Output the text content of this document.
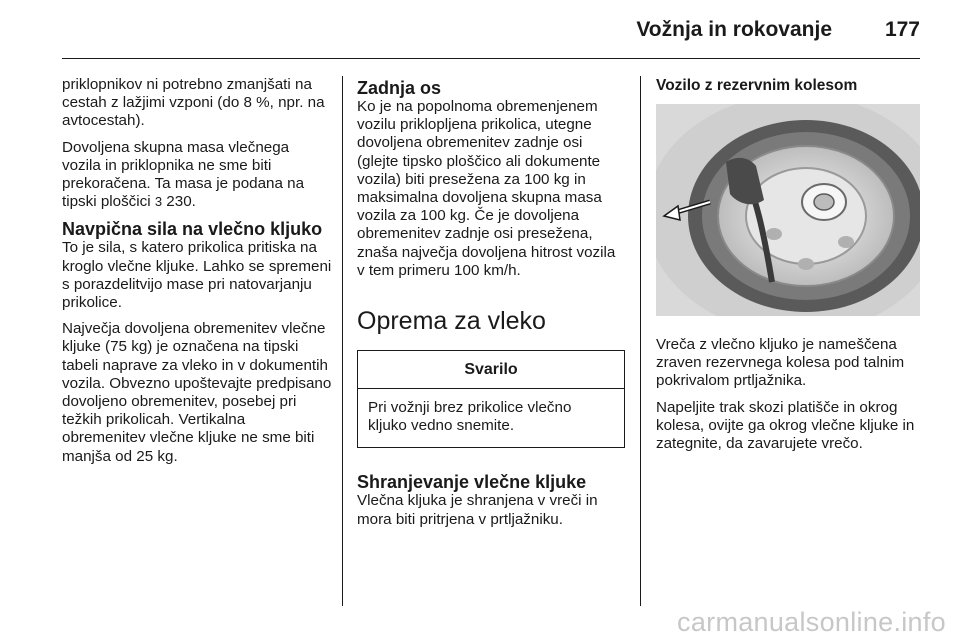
Vožnja in rokovanje	177

priklopnikov ni potrebno zmanjšati na cestah z lažjimi vzponi (do 8 %, npr. na avtocestah).

Dovoljena skupna masa vlečnega vozila in priklopnika ne sme biti prekoračena. Ta masa je podana na tipski ploščici 3 230.

Navpična sila na vlečno kljuko

To je sila, s katero prikolica pritiska na kroglo vlečne kljuke. Lahko se spremeni s porazdelitvijo mase pri natovarjanju prikolice.

Največja dovoljena obremenitev vlečne kljuke (75 kg) je označena na tipski tabeli naprave za vleko in v dokumentih vozila. Obvezno upoštevajte predpisano dovoljeno obremenitev, posebej pri težkih prikolicah. Vertikalna obremenitev vlečne kljuke ne sme biti manjša od 25 kg.

Zadnja os

Ko je na popolnoma obremenjenem vozilu priklopljena prikolica, utegne dovoljena obremenitev zadnje osi (glejte tipsko ploščico ali dokumente vozila) biti presežena za 100 kg in maksimalna dovoljena skupna masa vozila za 100 kg. Če je dovoljena obremenitev zadnje osi presežena, znaša največja dovoljena hitrost vozila v tem primeru 100 km/h.

Oprema za vleko
Svarilo
Pri vožnji brez prikolice vlečno kljuko vedno snemite.
Shranjevanje vlečne kljuke

Vlečna kljuka je shranjena v vreči in mora biti pritrjena v prtljažniku.

Vozilo z rezervnim kolesom

Vreča z vlečno kljuko je nameščena zraven rezervnega kolesa pod talnim pokrivalom prtljažnika.

Napeljite trak skozi platišče in okrog kolesa, ovijte ga okrog vlečne kljuke in zategnite, da zavarujete vrečo.

carmanualsonline.info
